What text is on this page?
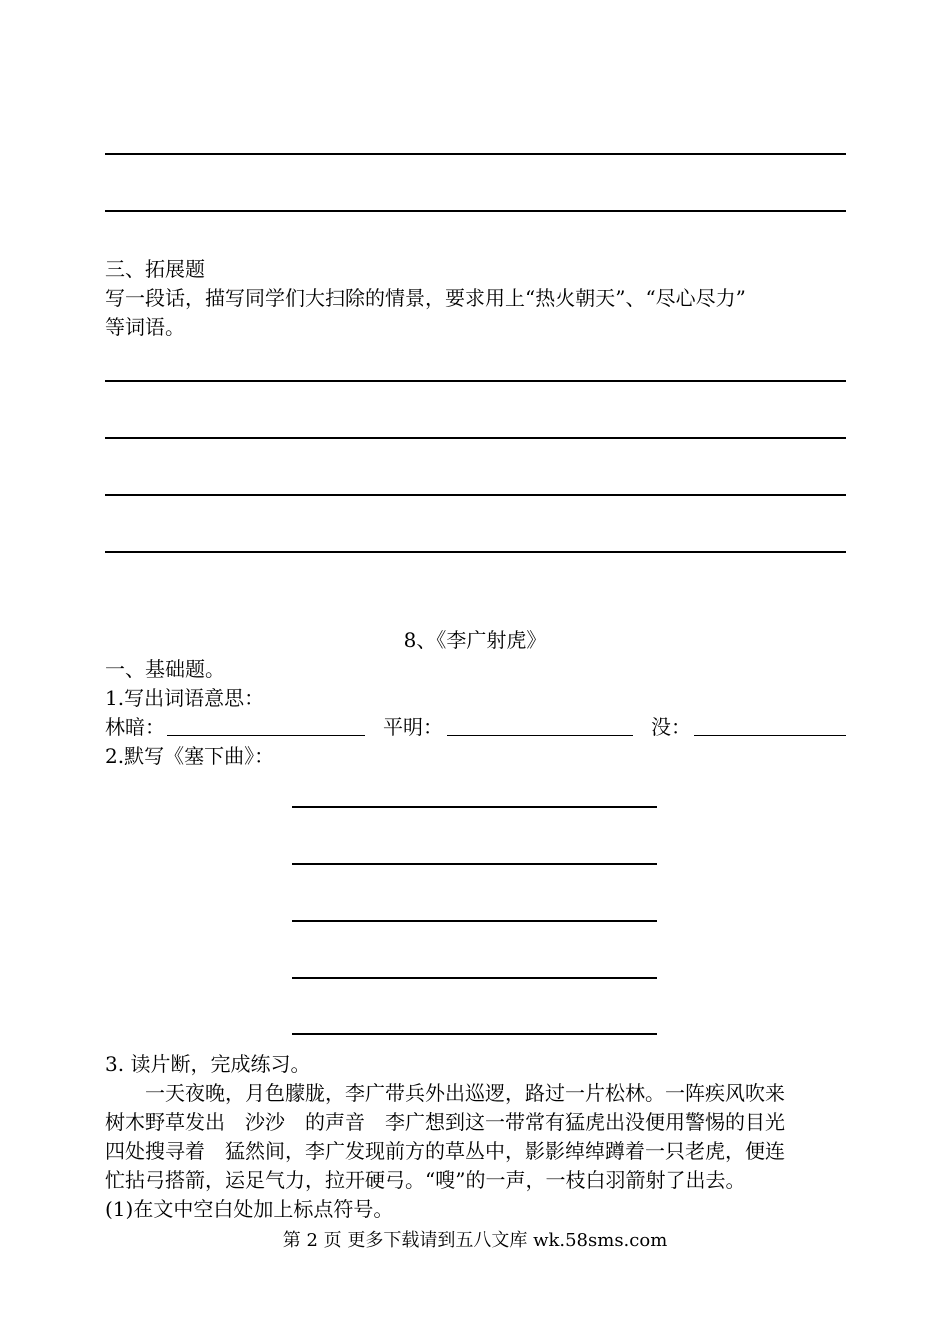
三、拓展题
写一段话，描写同学们大扫除的情景，要求用上“热火朝天”、“尽心尽力”
等词语。
8、《李广射虎》
一、基础题。
1.写出词语意思：
林暗：	平明：	没：
2.默写《塞下曲》：
3. 读片断，完成练习。
一天夜晚，月色朦胧，李广带兵外出巡逻，路过一片松林。一阵疾风吹来
树木野草发出　沙沙　的声音　李广想到这一带常有猛虎出没便用警惕的目光
四处搜寻着　猛然间，李广发现前方的草丛中，影影绰绰蹲着一只老虎，便连
忙拈弓搭箭，运足气力，拉开硬弓。“嗖”的一声，一枝白羽箭射了出去。
(1)在文中空白处加上标点符号。
第 2 页 更多下载请到五八文库 wk.58sms.com
